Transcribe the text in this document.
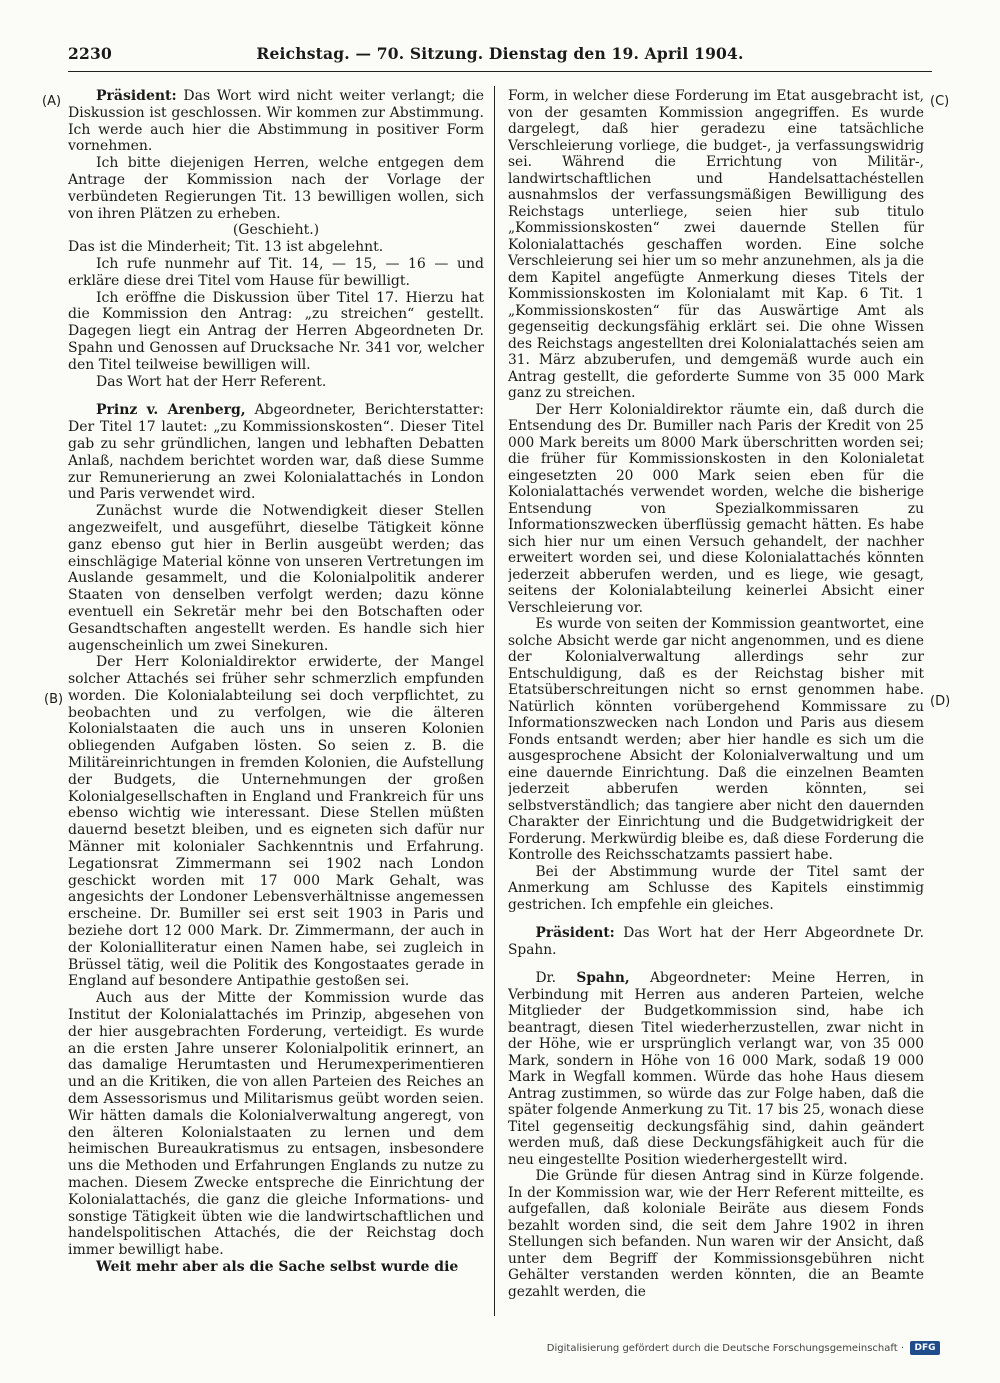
2230	Reichstag. — 70. Sitzung. Dienstag den 19. April 1904.
(A)
(B)
(C)
(D)

Präsident: Das Wort wird nicht weiter verlangt; die Diskussion ist geschlossen. Wir kommen zur Abstimmung. Ich werde auch hier die Abstimmung in positiver Form vornehmen.

Ich bitte diejenigen Herren, welche entgegen dem Antrage der Kommission nach der Vorlage der verbündeten Regierungen Tit. 13 bewilligen wollen, sich von ihren Plätzen zu erheben.

(Geschieht.)

Das ist die Minderheit; Tit. 13 ist abgelehnt.

Ich rufe nunmehr auf Tit. 14, — 15, — 16 — und erkläre diese drei Titel vom Hause für bewilligt.

Ich eröffne die Diskussion über Titel 17. Hierzu hat die Kommission den Antrag: „zu streichen“ gestellt. Dagegen liegt ein Antrag der Herren Abgeordneten Dr. Spahn und Genossen auf Drucksache Nr. 341 vor, welcher den Titel teilweise bewilligen will.

Das Wort hat der Herr Referent.

Prinz v. Arenberg, Abgeordneter, Berichterstatter: Der Titel 17 lautet: „zu Kommissionskosten“. Dieser Titel gab zu sehr gründlichen, langen und lebhaften Debatten Anlaß, nachdem berichtet worden war, daß diese Summe zur Remunerierung an zwei Kolonialattachés in London und Paris verwendet wird.

Zunächst wurde die Notwendigkeit dieser Stellen angezweifelt, und ausgeführt, dieselbe Tätigkeit könne ganz ebenso gut hier in Berlin ausgeübt werden; das einschlägige Material könne von unseren Vertretungen im Auslande gesammelt, und die Kolonialpolitik anderer Staaten von denselben verfolgt werden; dazu könne eventuell ein Sekretär mehr bei den Botschaften oder Gesandtschaften angestellt werden. Es handle sich hier augenscheinlich um zwei Sinekuren.

Der Herr Kolonialdirektor erwiderte, der Mangel solcher Attachés sei früher sehr schmerzlich empfunden worden. Die Kolonialabteilung sei doch verpflichtet, zu beobachten und zu verfolgen, wie die älteren Kolonialstaaten die auch uns in unseren Kolonien obliegenden Aufgaben lösten. So seien z. B. die Militäreinrichtungen in fremden Kolonien, die Aufstellung der Budgets, die Unternehmungen der großen Kolonialgesellschaften in England und Frankreich für uns ebenso wichtig wie interessant. Diese Stellen müßten dauernd besetzt bleiben, und es eigneten sich dafür nur Männer mit kolonialer Sachkenntnis und Erfahrung. Legationsrat Zimmermann sei 1902 nach London geschickt worden mit 17 000 Mark Gehalt, was angesichts der Londoner Lebensverhältnisse angemessen erscheine. Dr. Bumiller sei erst seit 1903 in Paris und beziehe dort 12 000 Mark. Dr. Zimmermann, der auch in der Kolonialliteratur einen Namen habe, sei zugleich in Brüssel tätig, weil die Politik des Kongostaates gerade in England auf besondere Antipathie gestoßen sei.

Auch aus der Mitte der Kommission wurde das Institut der Kolonialattachés im Prinzip, abgesehen von der hier ausgebrachten Forderung, verteidigt. Es wurde an die ersten Jahre unserer Kolonialpolitik erinnert, an das damalige Herumtasten und Herumexperimentieren und an die Kritiken, die von allen Parteien des Reiches an dem Assessorismus und Militarismus geübt worden seien. Wir hätten damals die Kolonialverwaltung angeregt, von den älteren Kolonialstaaten zu lernen und dem heimischen Bureaukratismus zu entsagen, insbesondere uns die Methoden und Erfahrungen Englands zu nutze zu machen. Diesem Zwecke entspreche die Einrichtung der Kolonialattachés, die ganz die gleiche Informations- und sonstige Tätigkeit übten wie die landwirtschaftlichen und handelspolitischen Attachés, die der Reichstag doch immer bewilligt habe.

Weit mehr aber als die Sache selbst wurde die

Form, in welcher diese Forderung im Etat ausgebracht ist, von der gesamten Kommission angegriffen. Es wurde dargelegt, daß hier geradezu eine tatsächliche Verschleierung vorliege, die budget-, ja verfassungswidrig sei. Während die Errichtung von Militär-, landwirtschaftlichen und Handelsattachéstellen ausnahmslos der verfassungsmäßigen Bewilligung des Reichstags unterliege, seien hier sub titulo „Kommissionskosten“ zwei dauernde Stellen für Kolonialattachés geschaffen worden. Eine solche Verschleierung sei hier um so mehr anzunehmen, als ja die dem Kapitel angefügte Anmerkung dieses Titels der Kommissionskosten im Kolonialamt mit Kap. 6 Tit. 1 „Kommissionskosten“ für das Auswärtige Amt als gegenseitig deckungsfähig erklärt sei. Die ohne Wissen des Reichstags angestellten drei Kolonialattachés seien am 31. März abzuberufen, und demgemäß wurde auch ein Antrag gestellt, die geforderte Summe von 35 000 Mark ganz zu streichen.

Der Herr Kolonialdirektor räumte ein, daß durch die Entsendung des Dr. Bumiller nach Paris der Kredit von 25 000 Mark bereits um 8000 Mark überschritten worden sei; die früher für Kommissionskosten in den Kolonialetat eingesetzten 20 000 Mark seien eben für die Kolonialattachés verwendet worden, welche die bisherige Entsendung von Spezialkommissaren zu Informationszwecken überflüssig gemacht hätten. Es habe sich hier nur um einen Versuch gehandelt, der nachher erweitert worden sei, und diese Kolonialattachés könnten jederzeit abberufen werden, und es liege, wie gesagt, seitens der Kolonialabteilung keinerlei Absicht einer Verschleierung vor.

Es wurde von seiten der Kommission geantwortet, eine solche Absicht werde gar nicht angenommen, und es diene der Kolonialverwaltung allerdings sehr zur Entschuldigung, daß es der Reichstag bisher mit Etatsüberschreitungen nicht so ernst genommen habe. Natürlich könnten vorübergehend Kommissare zu Informationszwecken nach London und Paris aus diesem Fonds entsandt werden; aber hier handle es sich um die ausgesprochene Absicht der Kolonialverwaltung und um eine dauernde Einrichtung. Daß die einzelnen Beamten jederzeit abberufen werden könnten, sei selbstverständlich; das tangiere aber nicht den dauernden Charakter der Einrichtung und die Budgetwidrigkeit der Forderung. Merkwürdig bleibe es, daß diese Forderung die Kontrolle des Reichsschatzamts passiert habe.

Bei der Abstimmung wurde der Titel samt der Anmerkung am Schlusse des Kapitels einstimmig gestrichen. Ich empfehle ein gleiches.

Präsident: Das Wort hat der Herr Abgeordnete Dr. Spahn.

Dr. Spahn, Abgeordneter: Meine Herren, in Verbindung mit Herren aus anderen Parteien, welche Mitglieder der Budgetkommission sind, habe ich beantragt, diesen Titel wiederherzustellen, zwar nicht in der Höhe, wie er ursprünglich verlangt war, von 35 000 Mark, sondern in Höhe von 16 000 Mark, sodaß 19 000 Mark in Wegfall kommen. Würde das hohe Haus diesem Antrag zustimmen, so würde das zur Folge haben, daß die später folgende Anmerkung zu Tit. 17 bis 25, wonach diese Titel gegenseitig deckungsfähig sind, dahin geändert werden muß, daß diese Deckungsfähigkeit auch für die neu eingestellte Position wiederhergestellt wird.

Die Gründe für diesen Antrag sind in Kürze folgende. In der Kommission war, wie der Herr Referent mitteilte, es aufgefallen, daß koloniale Beiräte aus diesem Fonds bezahlt worden sind, die seit dem Jahre 1902 in ihren Stellungen sich befanden. Nun waren wir der Ansicht, daß unter dem Begriff der Kommissionsgebühren nicht Gehälter verstanden werden könnten, die an Beamte gezahlt werden, die

Digitalisierung gefördert durch die Deutsche Forschungsgemeinschaft ·	DFG
